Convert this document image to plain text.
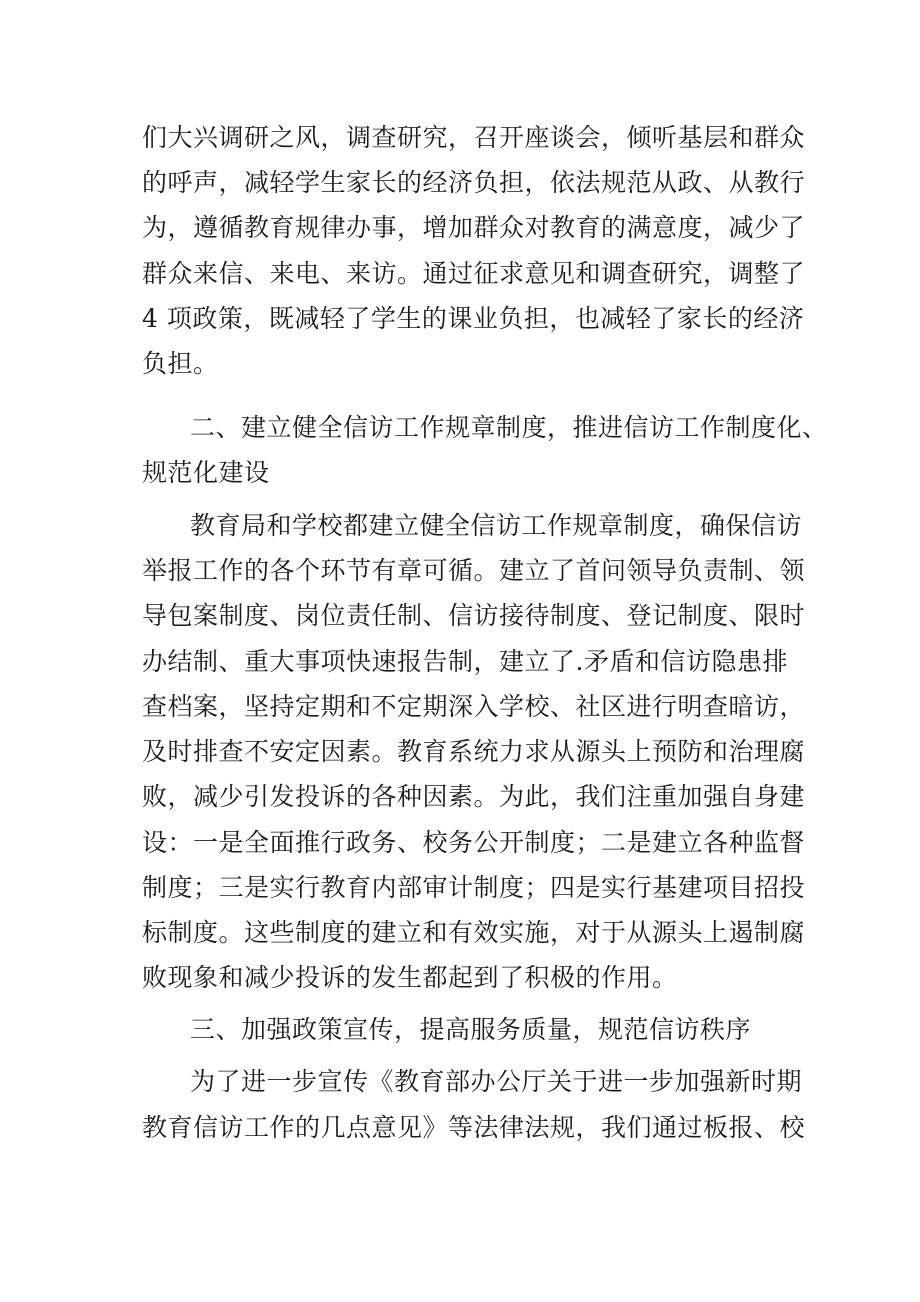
们大兴调研之风，调查研究，召开座谈会，倾听基层和群众
的呼声，减轻学生家长的经济负担，依法规范从政、从教行
为，遵循教育规律办事，增加群众对教育的满意度，减少了
群众来信、来电、来访。通过征求意见和调查研究，调整了
4 项政策，既减轻了学生的课业负担，也减轻了家长的经济
负担。
二、建立健全信访工作规章制度，推进信访工作制度化、
规范化建设
教育局和学校都建立健全信访工作规章制度，确保信访
举报工作的各个环节有章可循。建立了首问领导负责制、领
导包案制度、岗位责任制、信访接待制度、登记制度、限时
办结制、重大事项快速报告制，建立了.矛盾和信访隐患排
查档案，坚持定期和不定期深入学校、社区进行明查暗访，
及时排查不安定因素。教育系统力求从源头上预防和治理腐
败，减少引发投诉的各种因素。为此，我们注重加强自身建
设：一是全面推行政务、校务公开制度；二是建立各种监督
制度；三是实行教育内部审计制度；四是实行基建项目招投
标制度。这些制度的建立和有效实施，对于从源头上遏制腐
败现象和减少投诉的发生都起到了积极的作用。
三、加强政策宣传，提高服务质量，规范信访秩序
为了进一步宣传《教育部办公厅关于进一步加强新时期
教育信访工作的几点意见》等法律法规，我们通过板报、校
